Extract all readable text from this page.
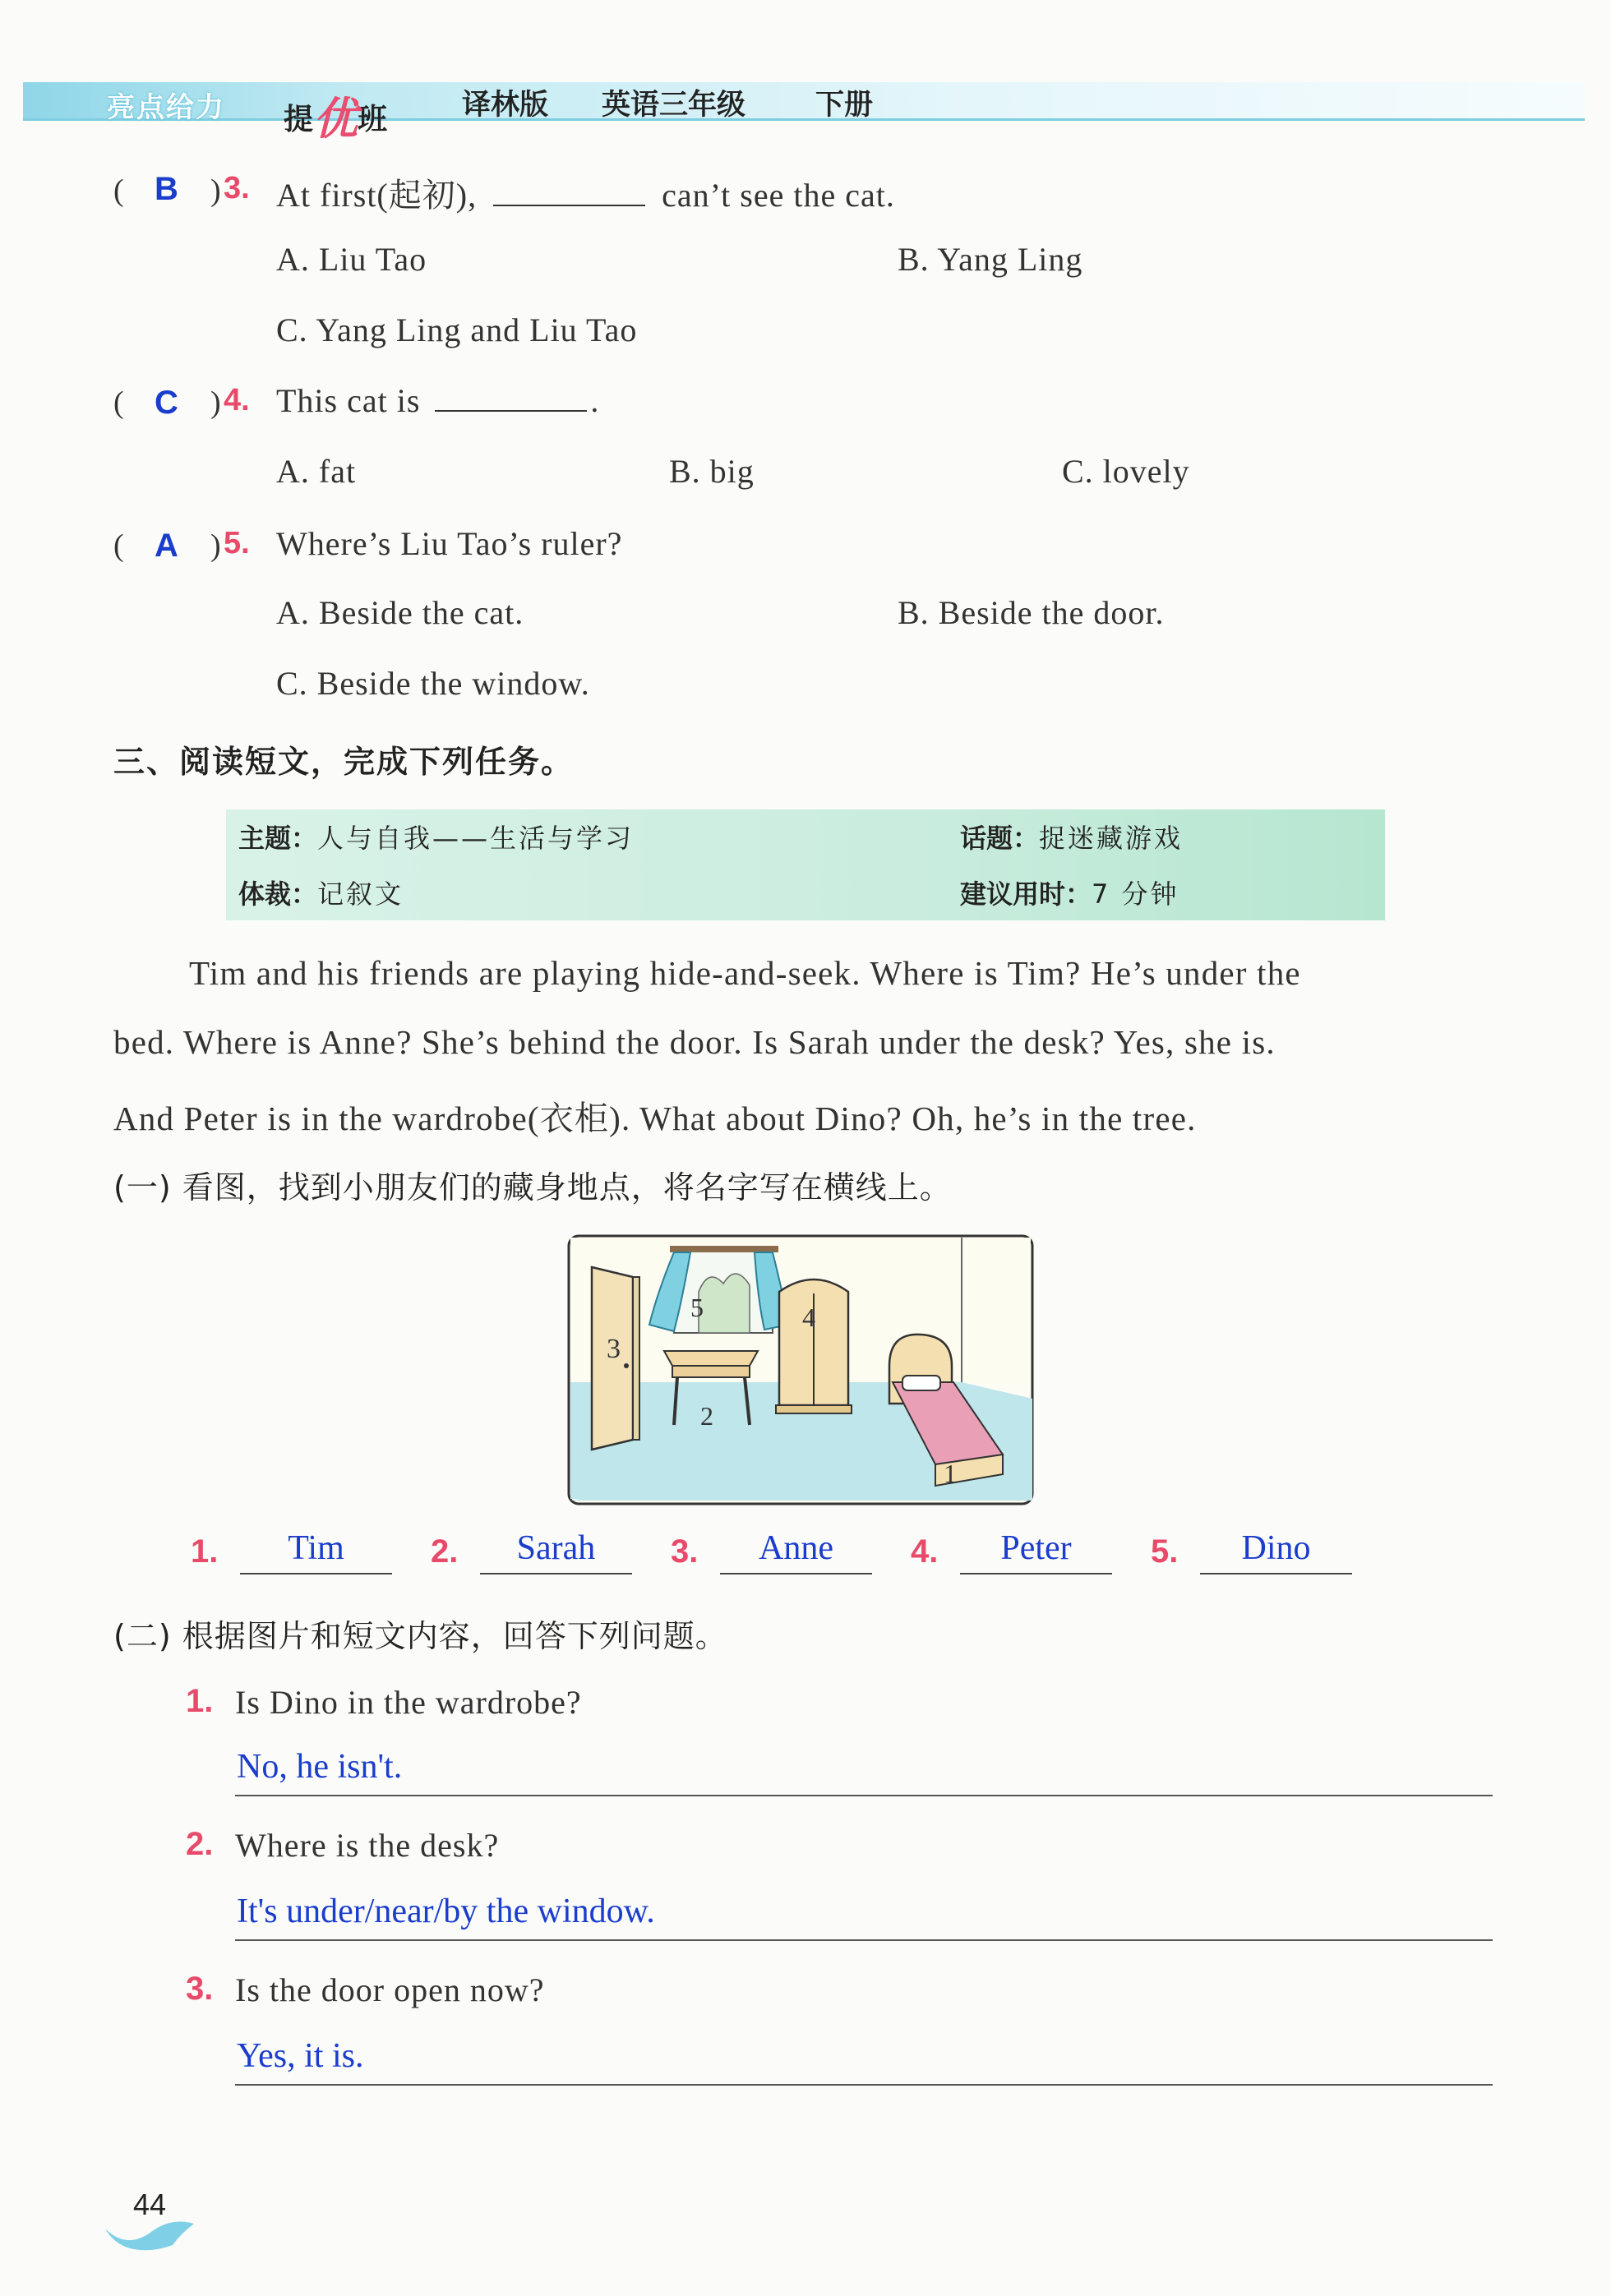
亮点给力 提优班	译林版 英语三年级 下册
( B ) 3. At first(起初),	can’t see the cat.
A. Liu Tao	B. Yang Ling
C. Yang Ling and Liu Tao
( C ) 4. This cat is	.
A. fat	B. big	C. lovely
( A ) 5. Where’s Liu Tao’s ruler?
A. Beside the cat.	B. Beside the door.
C. Beside the window.
三、阅读短文，完成下列任务。
主题：人与自我——生活与学习	话题：捉迷藏游戏
体裁：记叙文	建议用时：7 分钟
Tim and his friends are playing hide-and-seek. Where is Tim? He’s under the
bed. Where is Anne? She’s behind the door. Is Sarah under the desk? Yes, she is.
And Peter is in the wardrobe(衣柜). What about Dino? Oh, he’s in the tree.
(一) 看图，找到小朋友们的藏身地点，将名字写在横线上。
3
5
2
4
1
1.	Tim	2.	Sarah	3.	Anne	4.	Peter	5.	Dino
(二) 根据图片和短文内容，回答下列问题。
1. Is Dino in the wardrobe?
No, he isn't.
2. Where is the desk?
It's under/near/by the window.
3. Is the door open now?
Yes, it is.
44
